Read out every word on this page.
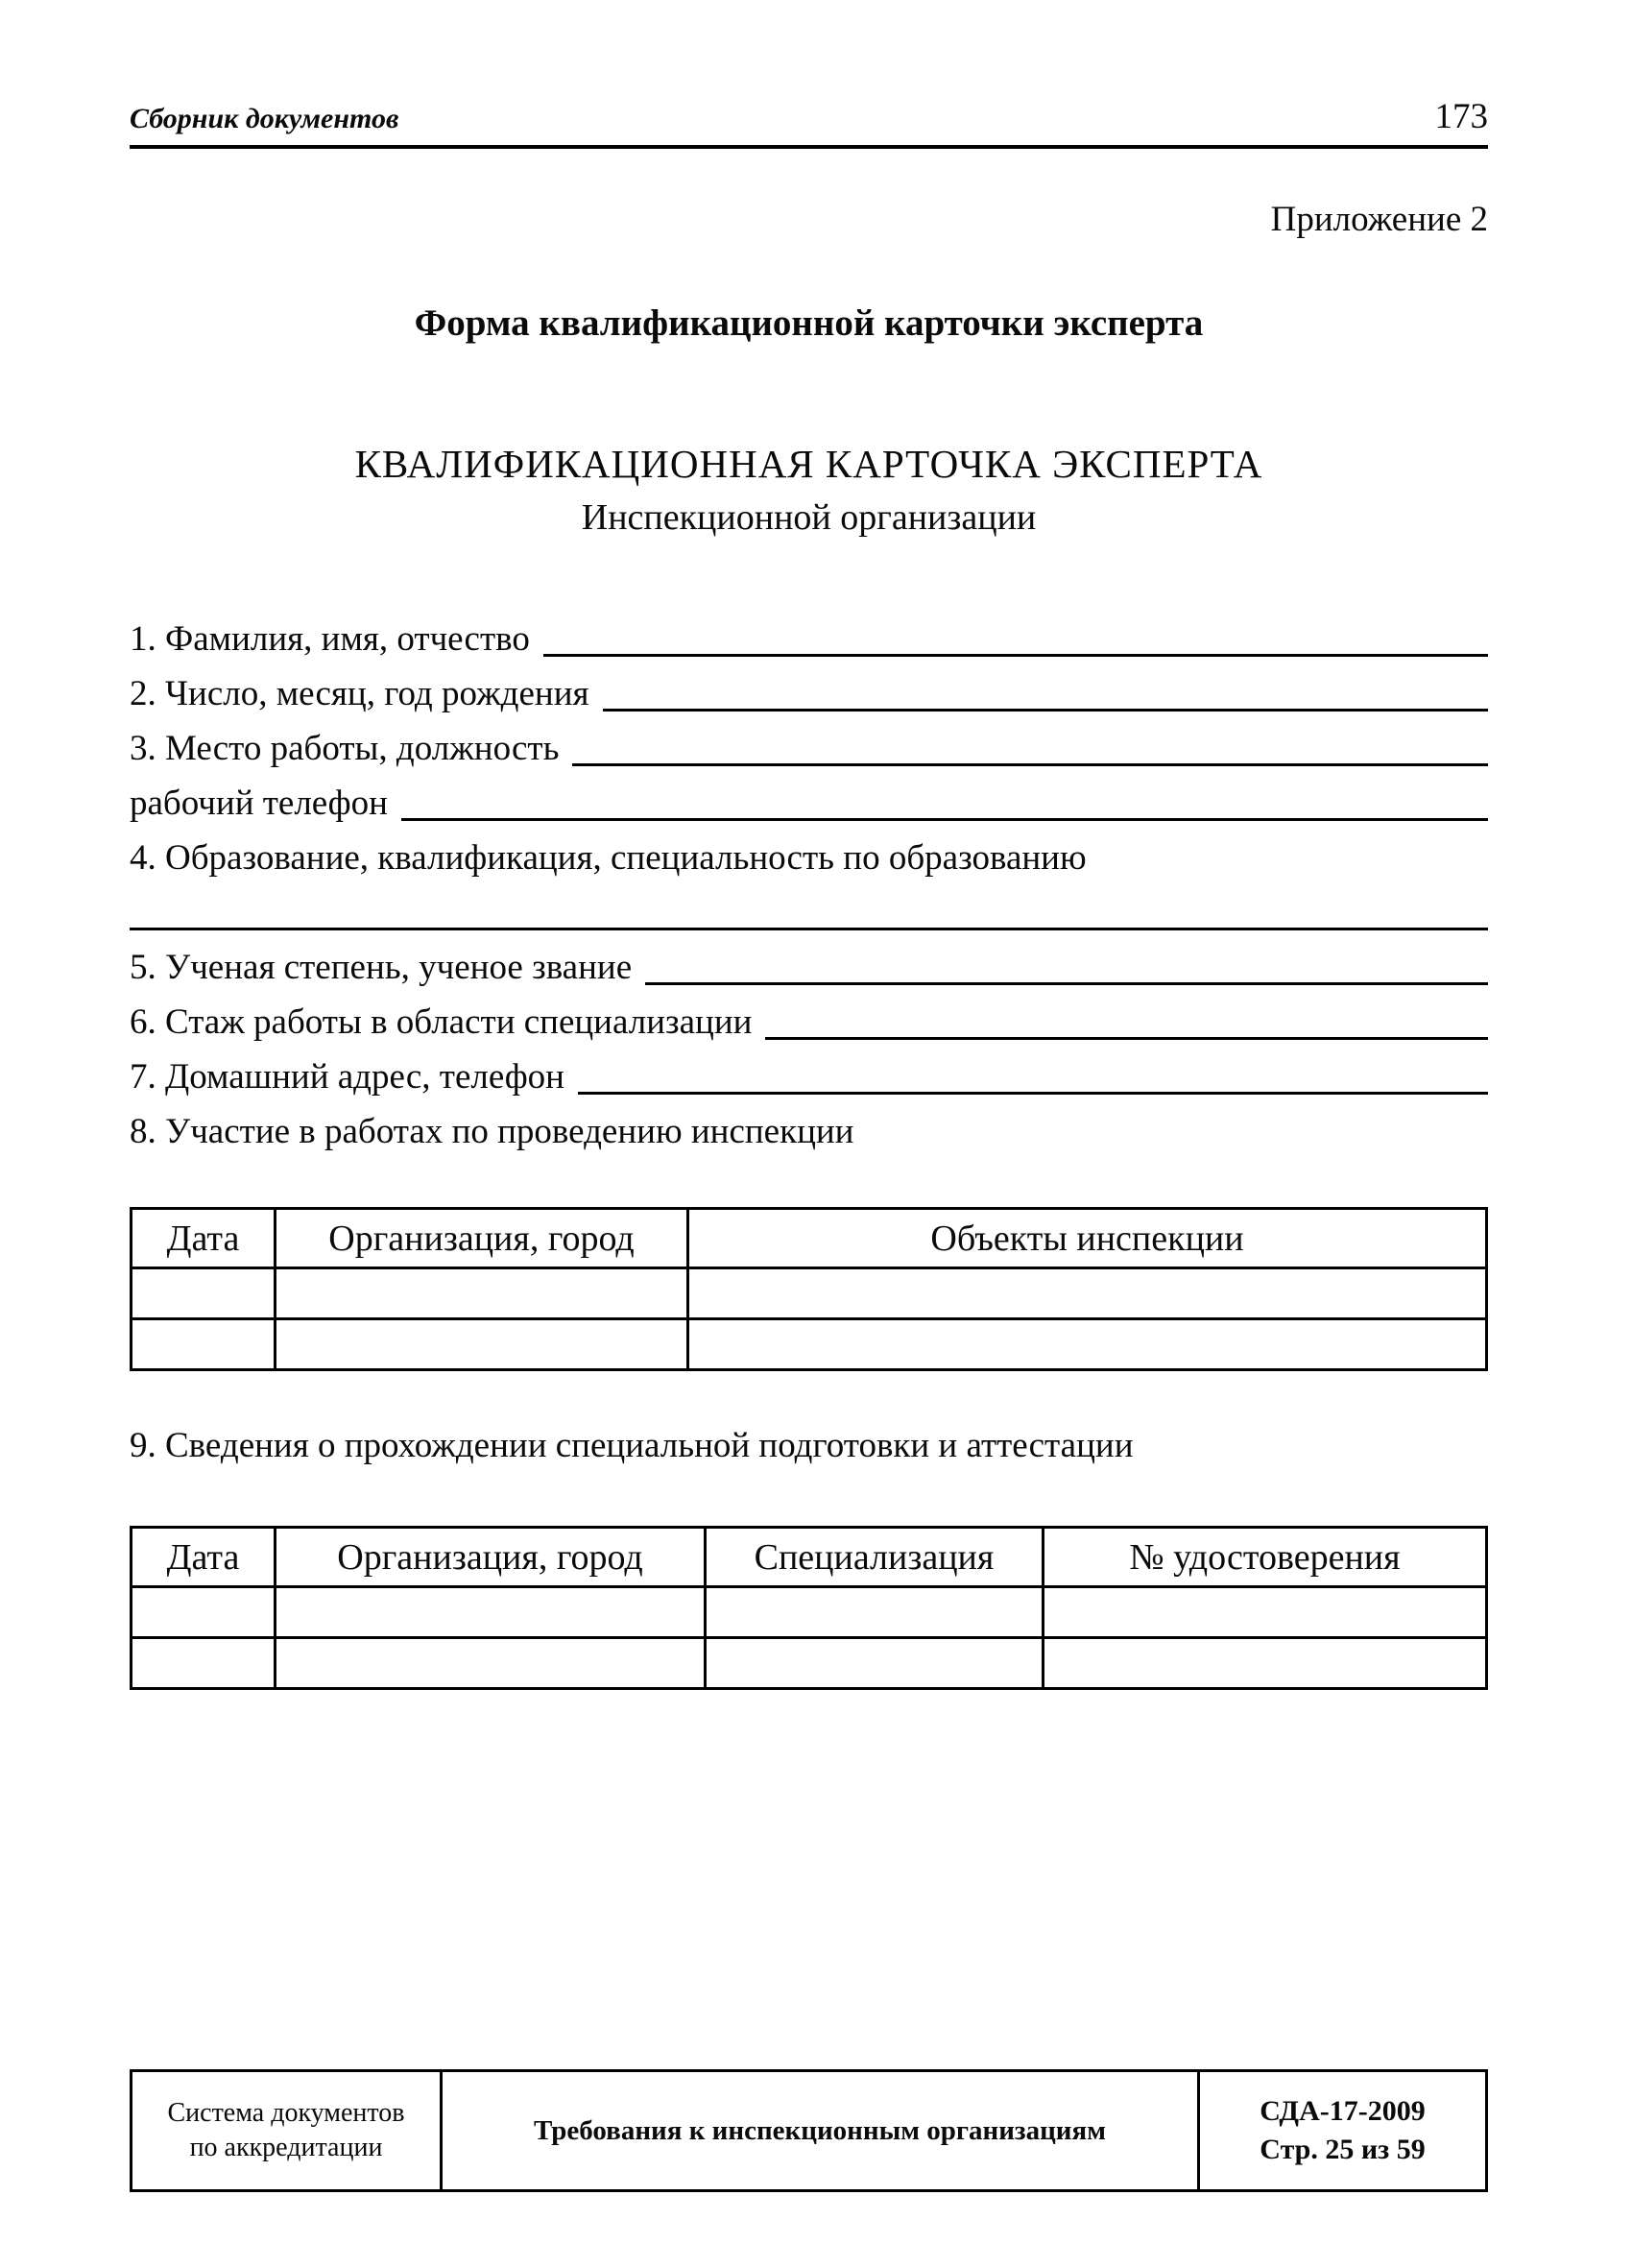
Сборник документов	173
Приложение 2
Форма квалификационной карточки эксперта
КВАЛИФИКАЦИОННАЯ КАРТОЧКА ЭКСПЕРТА
Инспекционной организации
1. Фамилия, имя, отчество
2. Число, месяц, год рождения
3. Место работы, должность
рабочий телефон
4. Образование, квалификация, специальность по образованию
5. Ученая степень, ученое звание
6. Стаж работы в области специализации
7. Домашний адрес, телефон
8. Участие в работах по проведению инспекции
Дата	Организация, город	Объекты инспекции

9. Сведения о прохождении специальной подготовки и аттестации
Дата	Организация, город	Специализация	№ удостоверения

Система документов
по аккредитации
Требования к инспекционным организациям
СДА-17-2009
Стр. 25 из 59
